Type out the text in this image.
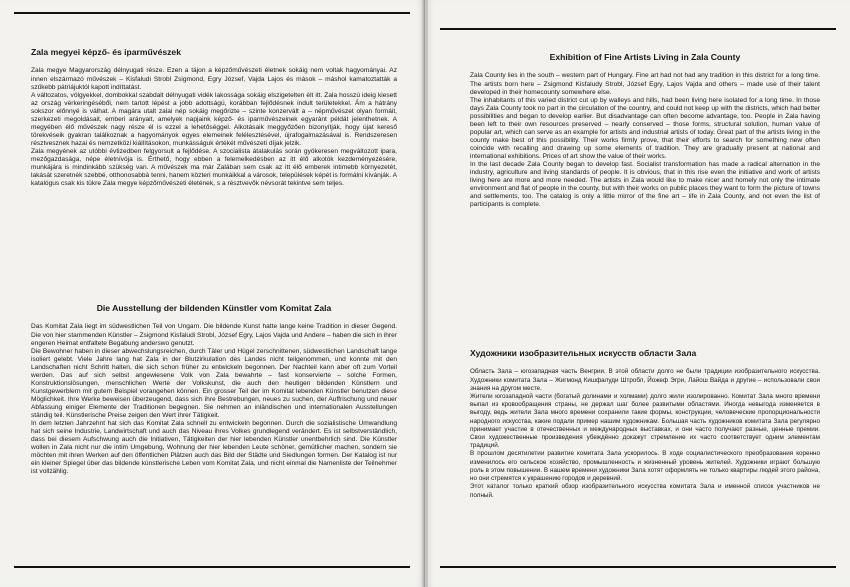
Zala megyei képző- és iparművészek

Zala megye Magyarország délnyugati része. Ezen a tájon a képzőművészeti életnek sokáig nem voltak hagyományai. Az innen elszármazó művészek – Kisfaludi Strobl Zsigmond, Egry József, Vajda Lajos és mások – máshol kamatoztatták a szűkebb pátriájuktól kapott indíttatást.

A változatos, völgyekkel, dombokkal szabdalt délnyugati vidék lakossága sokáig elszigetelten élt itt. Zala hosszú ideig kiesett az ország vérkeringéséből, nem tartott lépést a jobb adottságú, korábban fejlődésnek indult területekkel. Ám a hátrány sokszor előnnyé is válhat. A magára utalt zalai nép sokáig megőrizte – szinte konzervált a – népművészet olyan formáit, szerkezeti megoldásait, emberi arányait, amelyek napjaink képző- és iparművészeinek egyaránt példát jelenthetnek. A megyében élő művészek nagy része él is ezzel a lehetőséggel. Alkotásaik meggyőzően bizonyítják, hogy újat kereső törekvéseik gyakran találkoznak a hagyományok egyes elemeinek felélesztésével, újrafogalmazásával is. Rendszeresen résztvesznek hazai és nemzetközi kiállításokon, munkásságuk értékét művészeti díjak jelzik.

Zala megyének az utóbbi évtizedben felgyorsult a fejlődése. A szocialista átalakulás során gyökeresen megváltozott ipara, mezőgazdasága, népe életnívója is. Érthető, hogy ebben a felemelkedésben az itt élő alkotók kezdeményezésére, munkájára is mindinkább szükség van. A művészek ma már Zalában sem csak az itt élő emberek intimebb környezetét, lakását szeretnék szebbé, otthonosabbá tenni, hanem közteri munkáikkal a városok, települések képét is formálni kívánják. A katalógus csak kis tükre Zala megye képzőművészeti életének, s a résztvevők névsorát tekintve sem teljes.

Die Ausstellung der bildenden Künstler vom Komitat Zala

Das Komitat Zala liegt im südwestlichen Teil von Ungarn. Die bildende Kunst hatte lange keine Tradition in dieser Gegend. Die von hier stammenden Künstler – Zsigmond Kisfaludi Strobl, József Egry, Lajos Vajda und Andere – haben die sich in ihrer engeren Heimat entfaltete Begabung anderswo genutzt.

Die Bewohner haben in dieser abwechslungsreichen, durch Täler und Hügel zerschnittenen, südwestlichen Landschaft lange isoliert gelebt. Viele Jahre lang hat Zala in der Blutzirkulation des Landes nicht teilgenommen, und konnte mit den Landschaften nicht Schritt halten, die sich schon früher zu entwickeln begonnen. Der Nachteil kann aber oft zum Vorteil werden. Das auf sich selbst angewiesene Volk von Zala bewahrte – fast konservierte – solche Formen, Konstruktionslösungen, menschlichen Werte der Volkskunst, die auch den heutigen bildenden Künstlern und Kunstgewerblern mit gutem Beispiel vorangehen können. Ein grosser Teil der im Komitat lebenden Künstler benutzen diese Möglichkeit. Ihre Werke beweisen überzeugend, dass sich ihre Bestrebungen, neues zu suchen, der Auffrischung und neuer Abfassung einiger Elemente der Traditionen begegnen. Sie nehmen an inländischen und internationalen Ausstellungen ständig teil. Künstlerische Preise zeigen den Wert ihrer Tätigkeit.

In dem letzten Jahrzehnt hat sich das Komitat Zala schnell zu entwickeln begonnen. Durch die sozialistische Umwandlung hat sich seine Industrie, Landwirtschaft und auch das Niveau ihres Volkes grundlegend verändert. Es ist selbstverständlich, dass bei diesem Aufschwung auch die Initiativen, Tätigkeiten der hier lebenden Künstler unentbehrlich sind. Die Künstler wollen in Zala nicht nur die intim Umgebung, Wohnung der hier lebenden Leute schöner, gemütlicher machen, sondern sie möchten mit ihren Werken auf den öffentlichen Plätzen auch das Bild der Städte und Siedlungen formen. Der Katalog ist nur ein kleiner Spiegel über das bildende künstlerische Leben vom Komitat Zala, und nicht einmal die Namenliste der Teilnehmer ist vollzählig.

Exhibition of Fine Artists Living in Zala County

Zala County lies in the south – western part of Hungary. Fine art had not had any tradition in this district for a long time. The artists born here – Zsigmond Kisfaludy Strobl, József Egry, Lajos Vajda and others – made use of their talent developed in their homecounty somewhere else.

The inhabitants of this varied district cut up by walleys and hills, had been living here isolated for a long time. In those days Zala County took no part in the circulation of the country, and could not keep up with the districts, which had better possibilities and began to develop earlier. But disadvantage can often become advantage, too. People in Zala having been left to their own resources preserved – nearly conserved – those forms, structural solution, human value of popular art, which can serve as an example for artists and industrial artists of today. Great part of the artists living in the county make best of this possibility. Their works firmly prove, that their efforts to search for something new often coincide with recalling and drawing up some elements of tradition. They are gradually present at national and international exhibitions. Prices of art show the value of their works.

In the last decade Zala County began to develop fast. Socialist transformation has made a radical alternation in the industry, agriculture and living standards of people. It is obvious, that in this rise even the initiative and work of artists living here are more and more needed. The artists in Zala would like to make nicer and homely not only the intimate environment and flat of people in the county, but with their works on public places they want to form the picture of towns and settlements, too. The catalog is only a little mirror of the fine art – life in Zala County, and not even the list of participants is complete.

Художники изобразительных искусств области Зала

Область Зала – югозападная часть Венгрии. В этой области долго не были традиции изобразительного искусства. Художники комитата Зала – Жигмонд Кишфалуди Штробл, Йожеф Эгри, Лайош Вайда и другие – использовали свои знания на другом месте.

Жители югозападной части (богатый долинами и холмами) долго жили изолированно. Комитат Зала много времени выпал из кровообращения страны, не держал шаг более развитыми областями. Иногда невыгода изменяется в выгоду, ведь жители Зала много времени сохранили такие формы, конструкции, человеческие пропорциональности народного искусства, какие подали пример нашим художникам. Большая часть художников комитата Зала регулярно принимает участие в отечественных и международных выставках, и они часто получают разные, ценные премии. Свои художественные произведения убеждённо докажут стремление их часто соответствует одним элементам традиций.

В прошлом десятилетии развитие комитата Зала ускорилось. В ходе социалистического преобразования коренно изменилось его сельское хозяйство, промышленность и жизненный уровень жителей. Художники играют большую роль в этом повышении. В нашем времени художники Зала хотят оформлять не только квартиры людей этого района, но они стремятся к украшению городов и деревний.

Этот каталог только краткий обзор изобразительного искусства комитата Зала и именной список участников не полный.
